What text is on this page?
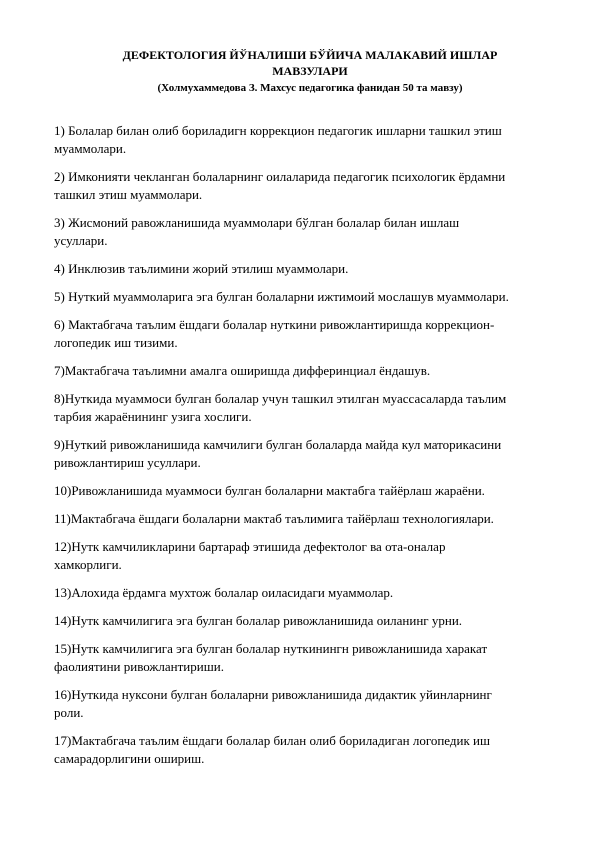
ДЕФЕКТОЛОГИЯ ЙЎНАЛИШИ БЎЙИЧА МАЛАКАВИЙ ИШЛАР
МАВЗУЛАРИ
(Холмухаммедова З. Махсус педагогика фанидан 50 та мавзу)
1) Болалар билан олиб бориладигн коррекцион педагогик ишларни ташкил этиш
муаммолари.
2) Имконияти чекланган болаларнинг оилаларида педагогик психологик ёрдамни
ташкил этиш муаммолари.
3) Жисмоний равожланишида муаммолари бўлган болалар билан ишлаш
усуллари.
4) Инклюзив таълимини жорий этилиш муаммолари.
5) Нуткий муаммоларига эга булган болаларни ижтимоий мослашув муаммолари.
6) Мактабгача таълим ёшдаги болалар нуткини ривожлантиришда коррекцион-
логопедик иш тизими.
7)Мактабгача таълимни амалга оширишда дифферинциал ёндашув.
8)Нуткида муаммоси булган болалар учун ташкил этилган муассасаларда таълим
тарбия жараёнининг узига хослиги.
9)Нуткий ривожланишида камчилиги булган болаларда майда кул маторикасини
ривожлантириш усуллари.
10)Ривожланишида муаммоси булган болаларни мактабга тайёрлаш жараёни.
11)Мактабгача ёшдаги болаларни мактаб таълимига тайёрлаш технологиялари.
12)Нутк камчиликларини бартараф этишида дефектолог ва ота-оналар
хамкорлиги.
13)Алохида ёрдамга мухтож болалар оиласидаги муаммолар.
14)Нутк камчилигига эга булган болалар ривожланишида оиланинг урни.
15)Нутк камчилигига эга булган болалар нуткинингн ривожланишида харакат
фаолиятини ривожлантириши.
16)Нуткида нуксони булган болаларни ривожланишида дидактик уйинларнинг
роли.
17)Мактабгача таълим ёшдаги болалар билан олиб бориладиган логопедик иш
самарадорлигини ошириш.
